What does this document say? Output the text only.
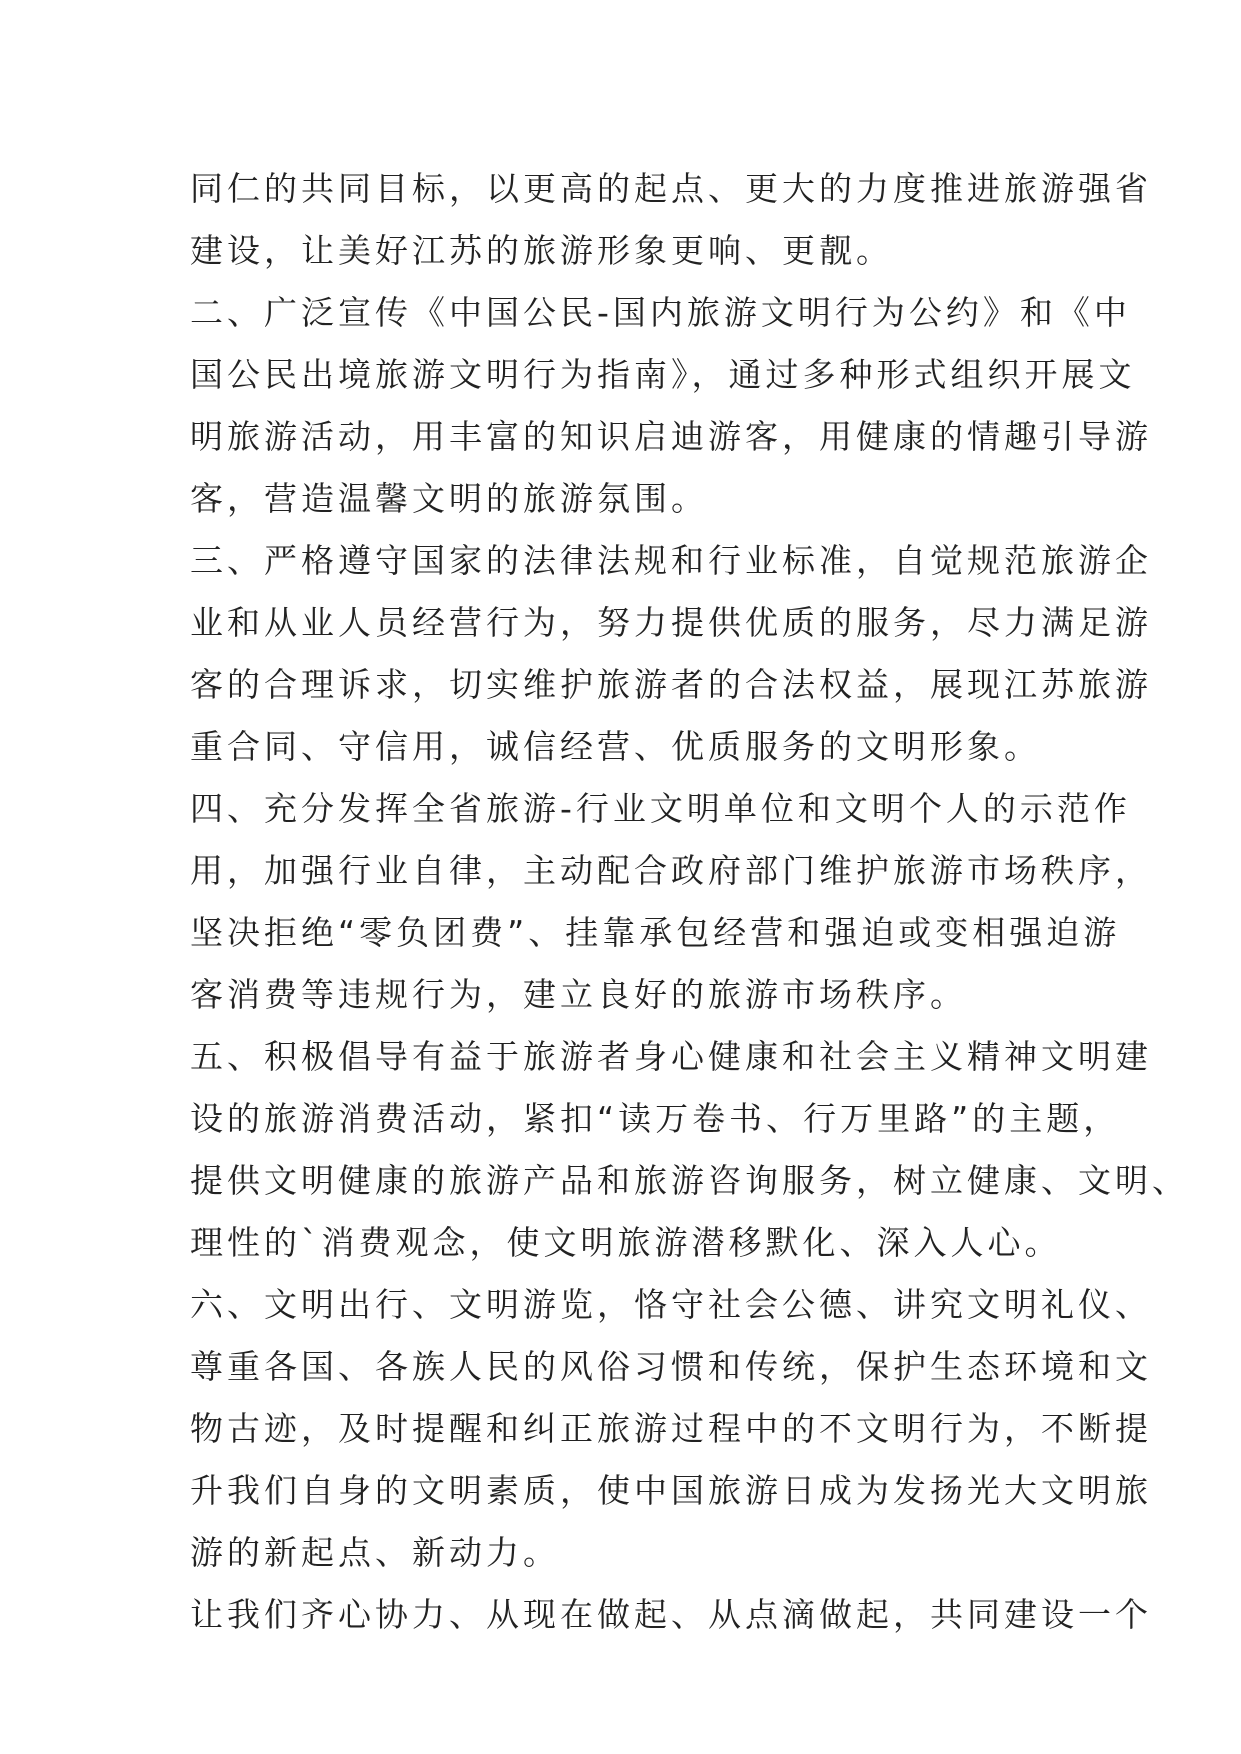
同仁的共同目标，以更高的起点、更大的力度推进旅游强省
建设，让美好江苏的旅游形象更响、更靓。
二、广泛宣传《中国公民-国内旅游文明行为公约》和《中
国公民出境旅游文明行为指南》，通过多种形式组织开展文
明旅游活动，用丰富的知识启迪游客，用健康的情趣引导游
客，营造温馨文明的旅游氛围。
三、严格遵守国家的法律法规和行业标准，自觉规范旅游企
业和从业人员经营行为，努力提供优质的服务，尽力满足游
客的合理诉求，切实维护旅游者的合法权益，展现江苏旅游
重合同、守信用，诚信经营、优质服务的文明形象。
四、充分发挥全省旅游-行业文明单位和文明个人的示范作
用，加强行业自律，主动配合政府部门维护旅游市场秩序，
坚决拒绝“零负团费”、挂靠承包经营和强迫或变相强迫游
客消费等违规行为，建立良好的旅游市场秩序。
五、积极倡导有益于旅游者身心健康和社会主义精神文明建
设的旅游消费活动，紧扣“读万卷书、行万里路”的主题，
提供文明健康的旅游产品和旅游咨询服务，树立健康、文明、
理性的`消费观念，使文明旅游潜移默化、深入人心。
六、文明出行、文明游览，恪守社会公德、讲究文明礼仪、
尊重各国、各族人民的风俗习惯和传统，保护生态环境和文
物古迹，及时提醒和纠正旅游过程中的不文明行为，不断提
升我们自身的文明素质，使中国旅游日成为发扬光大文明旅
游的新起点、新动力。
让我们齐心协力、从现在做起、从点滴做起，共同建设一个
